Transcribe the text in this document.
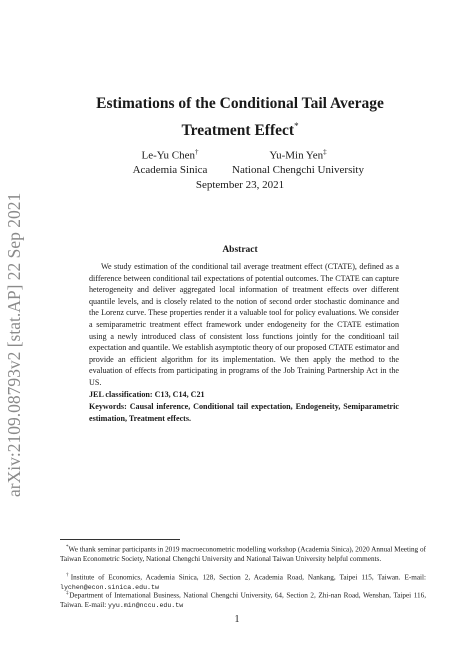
arXiv:2109.08793v2 [stat.AP] 22 Sep 2021
Estimations of the Conditional Tail Average
Treatment Effect*
Le-Yu Chen†
Academia Sinica
Yu-Min Yen‡
National Chengchi University
September 23, 2021
Abstract

We study estimation of the conditional tail average treatment effect (CTATE), defined as a difference between conditional tail expectations of potential outcomes. The CTATE can capture heterogeneity and deliver aggregated local information of treatment effects over different quantile levels, and is closely related to the notion of second order stochastic dominance and the Lorenz curve. These properties render it a valuable tool for policy evaluations. We consider a semiparametric treatment effect framework under endogeneity for the CTATE estimation using a newly introduced class of consistent loss functions jointly for the conditioanl tail expectation and quantile. We establish asymptotic theory of our proposed CTATE estimator and provide an efficient algorithm for its implementation. We then apply the method to the evaluation of effects from participating in programs of the Job Training Partnership Act in the US.

JEL classification: C13, C14, C21

Keywords: Causal inference, Conditional tail expectation, Endogeneity, Semiparametric estimation, Treatment effects.

*We thank seminar participants in 2019 macroeconometric modelling workshop (Academia Sinica), 2020 Annual Meeting of Taiwan Econometric Society, National Chengchi University and National Taiwan University helpful comments.

†Institute of Economics, Academia Sinica, 128, Section 2, Academia Road, Nankang, Taipei 115, Taiwan. E-mail: lychen@econ.sinica.edu.tw

‡Department of International Business, National Chengchi University, 64, Section 2, Zhi-nan Road, Wenshan, Taipei 116, Taiwan. E-mail: yyu.min@nccu.edu.tw

1
